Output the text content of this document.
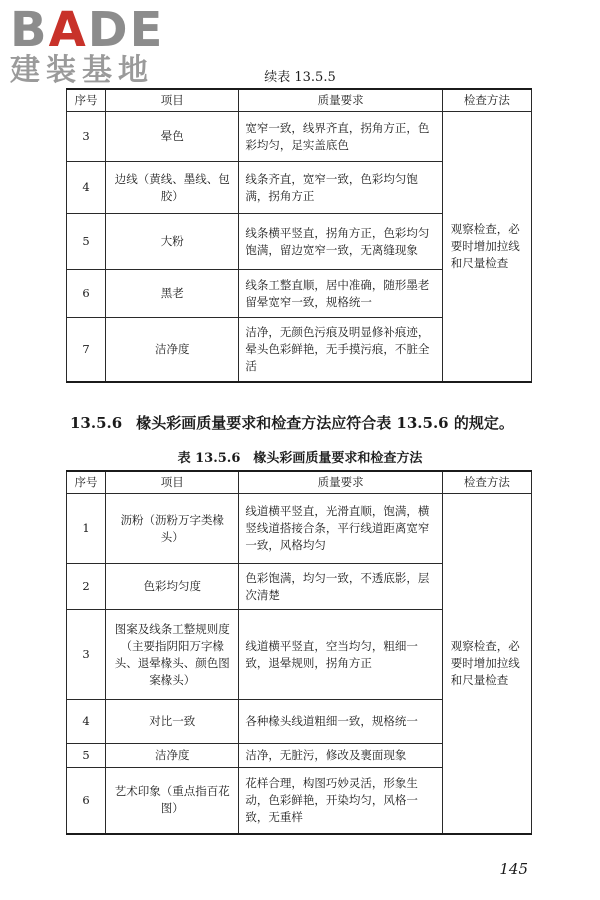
BADE
建装基地	续表 13.5.5
序号	项目	质量要求	检查方法
3	晕色	宽窄一致，线界齐直，拐角方正，色彩均匀，足实盖底色	观察检查，必要时增加拉线和尺量检查
4	边线（黄线、墨线、包胶）	线条齐直，宽窄一致，色彩均匀饱满，拐角方正	
5	大粉	线条横平竖直，拐角方正，色彩均匀饱满，留边宽窄一致，无离缝现象	
6	黑老	线条工整直顺，居中准确，随形墨老留晕宽窄一致，规格统一	
7	洁净度	洁净，无颜色污痕及明显修补痕迹，晕头色彩鲜艳，无手摸污痕，不脏全活	
13.5.6 椽头彩画质量要求和检查方法应符合表 13.5.6 的规定。
表 13.5.6　椽头彩画质量要求和检查方法
序号	项目	质量要求	检查方法
1	沥粉（沥粉万字类椽头）	线道横平竖直，光滑直顺，饱满，横竖线道搭接合条，平行线道距离宽窄一致，风格均匀	观察检查，必要时增加拉线和尺量检查
2	色彩均匀度	色彩饱满，均匀一致，不透底影，层次清楚	
3	图案及线条工整规则度（主要指阴阳万字椽头、退晕椽头、颜色图案椽头）	线道横平竖直，空当均匀，粗细一致，退晕规则，拐角方正	
4	对比一致	各种椽头线道粗细一致，规格统一	
5	洁净度	洁净，无脏污，修改及裹面现象	
6	艺术印象（重点指百花图）	花样合理，构图巧妙灵活，形象生动，色彩鲜艳，开染均匀，风格一致，无重样	
145
